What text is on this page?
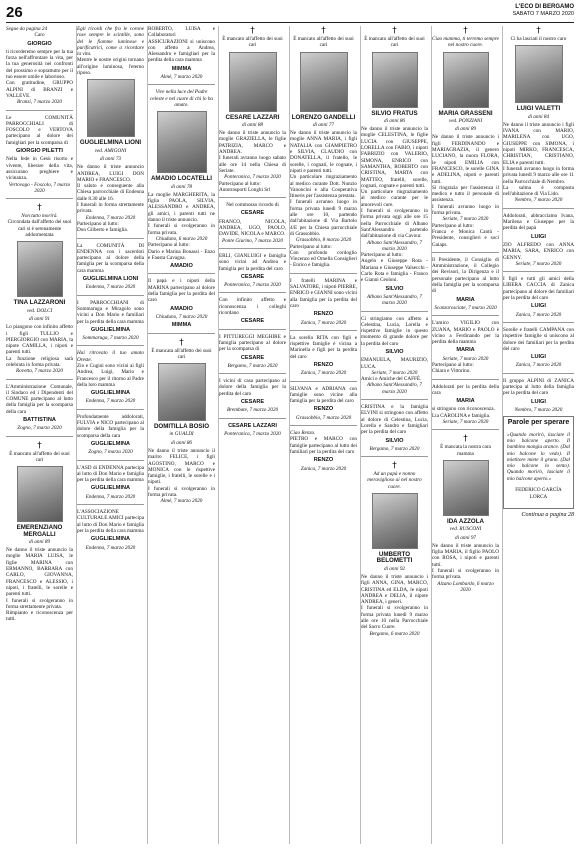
26	L'ECO DI BERGAMO
SABATO 7 MARZO 2020
Segue da pagina 24

Caro

GIORGIO

ti ricorderemo sempre per la tua forza nell'affrontare la vita, per la tua generosità nei confronti del prossimo e soprattutto per il tuo essere umile e laborioso.

Con gratitudine, GRUPPO ALPINI di BRANZI e VALLEVE.

Branzi, 7 marzo 2020

Le COMUNITÀ PARROCCHIALI di FOSCOLO e VERTOVA partecipano al dolore dei famigliari per la scomparsa di

GIORGIO PILETTI

Nella fede in Gesù risorto e vivente, liberare della vita, assicurano preghiere e vicinanza.

Vertovago - Foscolo, 7 marzo 2020

†

Non tutto morirà.

Circondata dall'affetto dei suoi cari si è serenamente addormentata

TINA LAZZARONI
ved. DOLCI
di anni 91

Lo piangono con infinito affetto i figli TULLIO e PIERGIORGIO con MARIA, la nipote CAMILLA, i nipoti e parenti tutti.

La funzione religiosa sarà celebrata in forma privata.

Rovetta, 7 marzo 2020

L'Amministrazione Comunale, il Sindaco ed i Dipendenti del COMUNE partecipano al lutto della famiglia per la scomparsa della cara

BATTISTINA

Zogno, 7 marzo 2020

†

È mancato all'affetto dei suoi cari

EMERENZIANO MERGALLI
di anni 89

Ne danno il triste annuncio la moglie MARIA LUISA, le figlie MARINA con ERMANNO, BARBARA con CARLO, GIOVANNA, FRANCESCO e ALESSIO, i nipoti, i fratelli, le sorelle e parenti tutti.

I funerali si svolgeranno in forma strettamente privata.

Rimpianto e riconoscenza per tutti.

Egli ricordi che fra le corone rose sempre le scintille, sono del le fiamme luminose e purificatrici, come a ricordare la vita.

Mentre le nostre origini tornano all'origine luminosa, l'eterno riposo.

GUGLIELMINA LIONI
ved. AMIGONI
di anni 73

Ne danno il triste annuncio ANDREA, LUIGI DON MARIO e FRANCESCO.

Il saluto e conseguente alla Chiesa parrocchiale di Endenna dalle 8.30 alle 16.

I funerali in forma strettamente privata.

Endenna, 7 marzo 2020

Partecipano al lutto:

Don Gilberto e famiglia.

La COMUNITÀ DI ENDENNA con i sacerdoti partecipano al dolore della famiglia per la scomparsa della cara mamma

GUGLIELMINA LIONI

Endenna, 7 marzo 2020

I PARROCCHIANI di Sommaruga e Miragolo sono vicini a Don Mario e familiari per la perdita della cara mamma

GUGLIELMINA

Sommaruga, 7 marzo 2020

Hai ritrovato il tuo amato Oreste.

Zio e Cugini sono vicini ai figli Andrea, Luigi, Mario e Francesco per il ritorno al Padre della loro mamma

GUGLIELMINA

Endenna, 7 marzo 2020

Profondamente addolorati, FULVIA e NICO partecipano al dolore della famiglia per la scomparsa della cara

GUGLIELMINA

Zogno, 7 marzo 2020

L'ASD di ENDENNA partecipa al lutto di Don Mario e famiglia per la perdita della cara mamma

GUGLIELMINA

Endenna, 7 marzo 2020

L'ASSOCIAZIONE CULTURALE AMICI partecipa al lutto di Don Mario e famiglia per la perdita della cara mamma

GUGLIELMINA

Endenna, 7 marzo 2020

ROBERTO, LUISA e Collaboratori ASSICURAZIONI si uniscono con affetto a Andrea, Alessandro e famigliari per la perdita della cara mamma

MIMMA

Almè, 7 marzo 2020

Vive nella luce del Padre celeste e nel cuore di chi lo ha amato.

AMADIO LOCATELLI
di anni 78

La moglie MARGHERITA, la figlia PAOLA, SILVIA, ALESSANDRO e ANDREA, gli amici, i parenti tutti ne danno il triste annuncio.

I funerali si svolgeranno in forma privata.

Chiuduno, 6 marzo 2020

Partecipano al lutto:

Dario e Marina Bonassi - Enzo e Fausta Cavagna.

AMADIO

Il papà e i nipoti della MARINA partecipano al dolore della famiglia per la perdita del caro

AMADIO

Chiuduno, 7 marzo 2020

MIMMA
†

È mancata all'affetto dei suoi cari

DOMITILLA BOSIO
in GUALDI
di anni 86

Ne danno il triste annuncio il marito FELICE, i figli AGOSTINO, MARCO e MONICA con le rispettive famiglie, i fratelli, le sorelle e i nipoti.

I funerali si svolgeranno in forma privata.

Almè, 7 marzo 2020

†

È mancato all'affetto dei suoi cari

CESARE LAZZARI
di anni 88

Ne danno il triste annuncio la moglie GRAZIELLA, le figlie PATRIZIA, MARCO e ANDREA.

I funerali avranno luogo sabato alle ore 14 nella Chiesa di Seriate.

Ponteranica, 7 marzo 2020

Partecipano al lutto:

Autotrasporti Longhi Srl

Nel commosso ricordo di

CESARE

FRANCO, NICOLA, ANDREA, UGO, PAOLO, DAVIDE, NICOLA e MARCO.

Ponte Giurino, 7 marzo 2020

ERLI, GIANLUIGI e famiglia sono vicini ad Andrea e famiglia per la perdita del caro

CESARE

Ponteranica, 7 marzo 2020

Con infinito affetto e riconoscenza i colleghi ricordano

CESARE

I PITTUREGGI MEGHIRE e famiglia partecipano al dolore per la scomparsa di

CESARE

Bergamo, 7 marzo 2020

I vicini di casa partecipano al dolore della famiglia per la perdita del caro

CESARE

Brembate, 7 marzo 2020

CESARE LAZZARI

Ponteranica, 7 marzo 2020

†

È mancato all'affetto dei suoi cari

LORENZO GANDELLI
di anni 77

Ne danno il triste annuncio la moglie ANNA MARIA, i figli NATALIA con GIAMPIETRO e SILVIA, CLAUDIO con DONATELLA, il fratello, le sorelle, i cognati, le cognate, i nipoti e parenti tutti.

Un particolare ringraziamento al medico curante Dott. Nunzio Vanoncini e alla Cooperativa Itineris per l'assistenza prestata.

I funerali avranno luogo in forma privata lunedì 9 marzo alle ore 10, partendo dall'abitazione di Via Bartolo 4/E per la Chiesa parrocchiale di Grassobbio.

Grassobbio, 8 marzo 2020

Partecipano al lutto:

Con profondo cordoglio Vincenzo ed Ornella Consiglieri - Enrico e famiglia.

I fratelli MARINA e SALVATORE, i nipoti PIERRE, ENRICO e GIANNI sono vicini alla famiglia per la perdita del caro

RENZO

Zanica, 7 marzo 2020

La sorella RITA con figli e rispettive famiglie è vicina a Marinella e figli per la perdita del caro

RENZO

Zanica, 7 marzo 2020

SILVANA e ADRIANA con famiglie sono vicine alla famiglia per la perdita del caro

RENZO

Grassobbio, 7 marzo 2020

Ciao Renzo.

PIETRO e MARCO con famiglie partecipano al lutto dei familiari per la perdita del caro

RENZO

Zanica, 7 marzo 2020

†

È mancato all'affetto dei suoi cari

SILVIO FRATUS
di anni 86

Ne danno il triste annuncio la moglie CELESTINA, le figlie LUCIA con GIUSEPPE, LORELLA con FABIO, i nipoti FABRIZIO con VALERIO, SIMONA, ENRICO con SAMANTHA, ROBERTO con CRISTINA, MARTA con MATTEO, fratelli, sorelle, cognati, cognate e parenti tutti.

Un particolare ringraziamento al medico curante per le amorevoli cure.

I funerali si svolgeranno in forma privata oggi alle ore 15 nella Parrocchiale di Albano Sant'Alessandro partendo dall'abitazione di via Cavour.

Albano Sant'Alessandro, 7 marzo 2020

Partecipano al lutto:

Angelo e Giuseppe Rota - Mariana e Giuseppe Valsecchi - Carlo Rota e famiglia - Franco e Gianni Ceoloni.

SILVIO

Albano Sant'Alessandro, 7 marzo 2020

Ci stringiamo con affetto a Celestina, Lucia, Lorella e rispettive famiglie in questo momento di grande dolore per la perdita del caro

SILVIO

EMANUELA, MAURIZIO, LUCA.

Seriate, 7 marzo 2020

Amici e Amiche del CAFFÈ.

Albano Sant'Alessandro, 7 marzo 2020

CRISTINA e la famiglia ELVINI si stringono con affetto al dolore di Celestina, Lucia, Lorella e Sandro e famigliari per la perdita del caro

SILVIO

Bergamo, 7 marzo 2020

†

Ad un papà e nonno meraviglioso ai nel nostro cuore.

UMBERTO BELOMETTI
di anni 92

Ne danno il triste annuncio i figli ANNA, GINA, MARCO, CRISTINA ed ELDA, le nipoti ANDREA e DELIA, il nipote ANDREA, i generi.

I funerali si svolgeranno in forma privata lunedì 9 marzo alle ore 10 nella Parrocchiale del Sacro Cuore.

Bergamo, 6 marzo 2020

†

Ciao mamma, ti terremo sempre nel nostro cuore.

MARIA GRASSENI
ved. PONZIANI
di anni 89

Ne danno il triste annuncio i figli FERDINANDO e MARIAGRAZIA, il genero LUCIANO, la nuora FLORA, le nipoti EMILIA con FRANCESCO, le sorelle GINA e ADELINA, nipoti e parenti tutti.

Si ringrazia per l'assistenza il medico e tutto il personale di assistenza.

I funerali avranno luogo in forma privata.

Seriate, 7 marzo 2020

Partecipano al lutto:

Franca e Monica Cantù - Presidente, consiglieri e soci Gaiaps.

Il Presidente, il Consiglio di Amministrazione, il Collegio dei Revisori, la Dirigenza e il personale partecipano al lutto della famiglia per la scomparsa di

MARIA

Scanzorosciate, 7 marzo 2020

L'amico VIGILIO con ZUANA, MARIO e PAOLO è vicino a Ferdinando per la perdita della mamma

MARIA

Seriate, 7 marzo 2020

Partecipano al lutto:

Chiara e Vittorino.

Addolorati per la perdita della cara

MARIA

si stringono con riconoscenza.

Lia CAROLINA e famiglia.

Seriate, 7 marzo 2020

†

È mancata la nostra cara mamma

IDA AZZOLA
ved. RUSCONI
di anni 97

Ne danno il triste annuncio la figlia MARIA, il figlio PAOLO con ROSA, i nipoti e parenti tutti.

I funerali si svolgeranno in forma privata.

Alzano Lombardo, 6 marzo 2020

†

Ci ha lasciati il nostro caro

LUIGI VALETTI
di anni 84

Ne danno il triste annuncio i figli IVANA con MARIO, MARILENA con UGO, GIUSEPPE con SIMONA, i nipoti MIRKO, FRANCESCA, CHRISTIAN, CRISTIANO, ELIA e parenti tutti.

I funerali avranno luogo in forma privata lunedì 9 marzo alle ore 11 nella Parrocchiale di Nembro.

La salma è composta nell'abitazione di Via Lido.

Nembro, 7 marzo 2020

Addolorati, abbracciamo Ivana, Marilena e Giuseppe per la perdita del papà

LUIGI

ZIO ALFREDO con ANNA MARIA, SARA, ENRICO con GENNY.

Seriate, 7 marzo 2020

I figli e tutti gli amici della LIBERA CACCIA di Zanica partecipano al dolore dei familiari per la perdita del caro

LUIGI

Zanica, 7 marzo 2020

Sorelle e fratelli CAMPANA con rispettive famiglie si uniscono al dolore dei familiari per la perdita del caro

LUIGI

Zanica, 7 marzo 2020

Il gruppo ALPINI di ZANICA partecipa al lutto della famiglia per la perdita del caro

LUIGI

Nembro, 7 marzo 2020

Parole per sperare

«Quando morirò, lasciate il mio balcone aperto. Il bambino mangia arance. (Dal mio balcone lo vedo). Il mietitore miete il grano. (Dal mio balcone lo sento). Quando morirò, lasciate il mio balcone aperto.»

FEDERICO GARCÍA LORCA

Continua a pagina 28
